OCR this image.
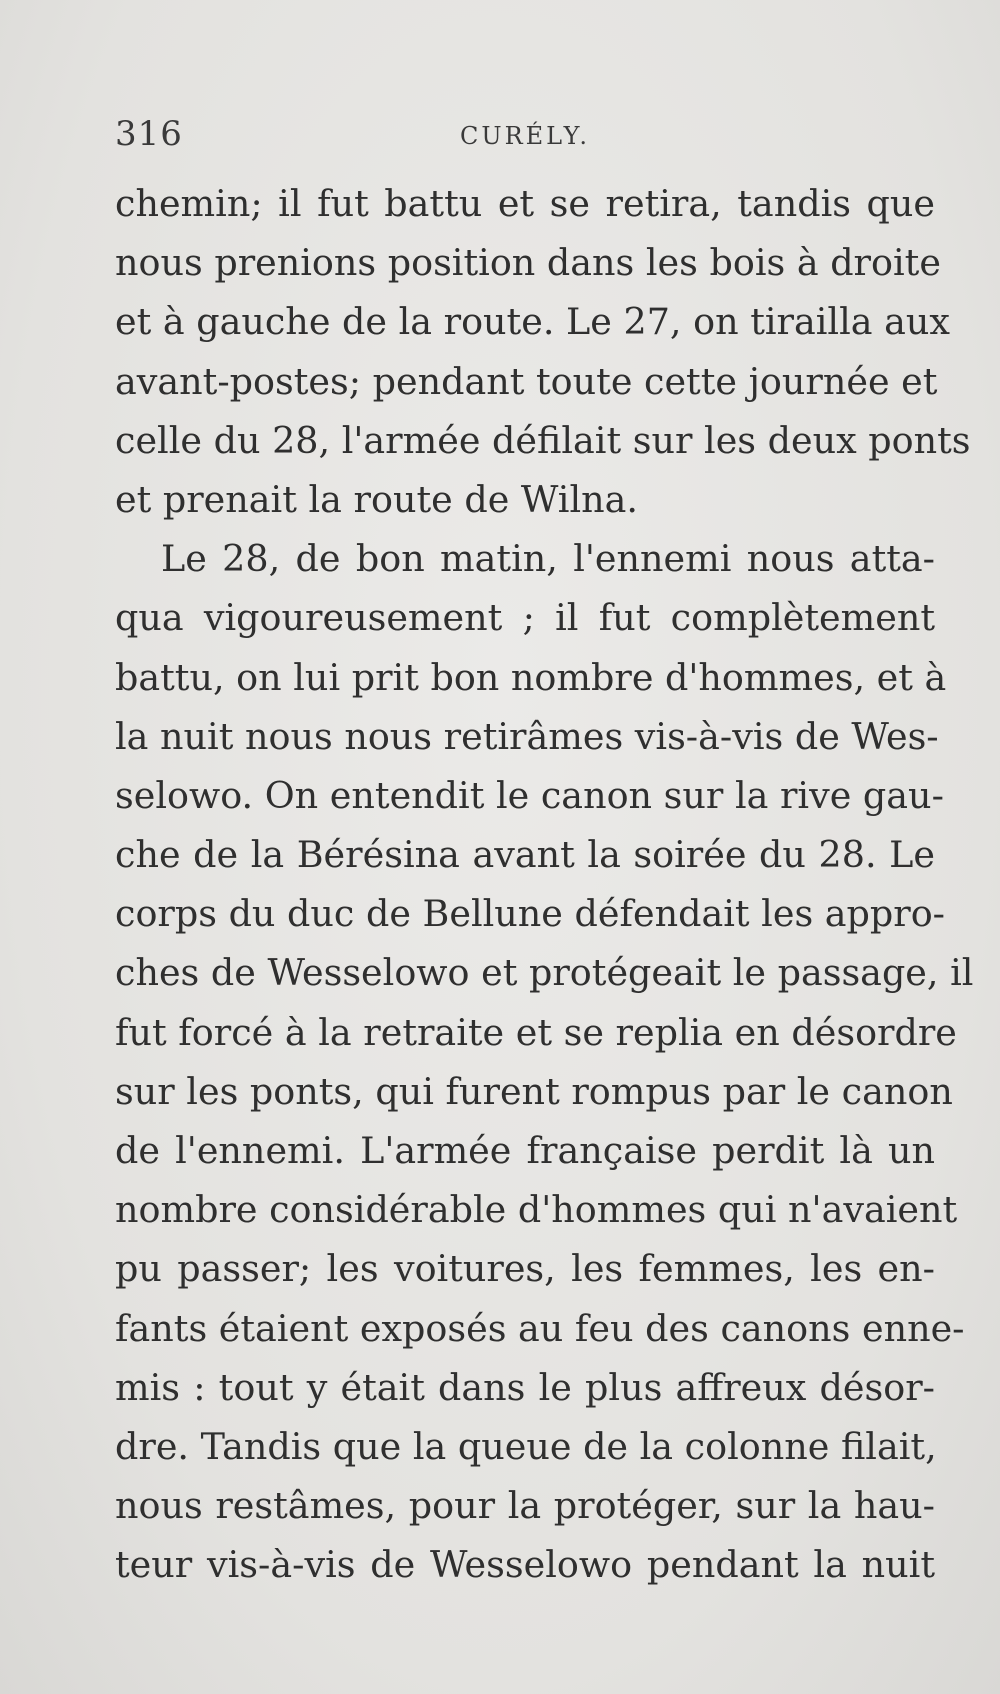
316	CURÉLY.
chemin; il fut battu et se retira, tandis que
nous prenions position dans les bois à droite
et à gauche de la route. Le 27, on tirailla aux
avant-postes; pendant toute cette journée et
celle du 28, l'armée défilait sur les deux ponts
et prenait la route de Wilna.
Le 28, de bon matin, l'ennemi nous atta-
qua vigoureusement ; il fut complètement
battu, on lui prit bon nombre d'hommes, et à
la nuit nous nous retirâmes vis-à-vis de Wes-
selowo. On entendit le canon sur la rive gau-
che de la Bérésina avant la soirée du 28. Le
corps du duc de Bellune défendait les appro-
ches de Wesselowo et protégeait le passage, il
fut forcé à la retraite et se replia en désordre
sur les ponts, qui furent rompus par le canon
de l'ennemi. L'armée française perdit là un
nombre considérable d'hommes qui n'avaient
pu passer; les voitures, les femmes, les en-
fants étaient exposés au feu des canons enne-
mis : tout y était dans le plus affreux désor-
dre. Tandis que la queue de la colonne filait,
nous restâmes, pour la protéger, sur la hau-
teur vis-à-vis de Wesselowo pendant la nuit
